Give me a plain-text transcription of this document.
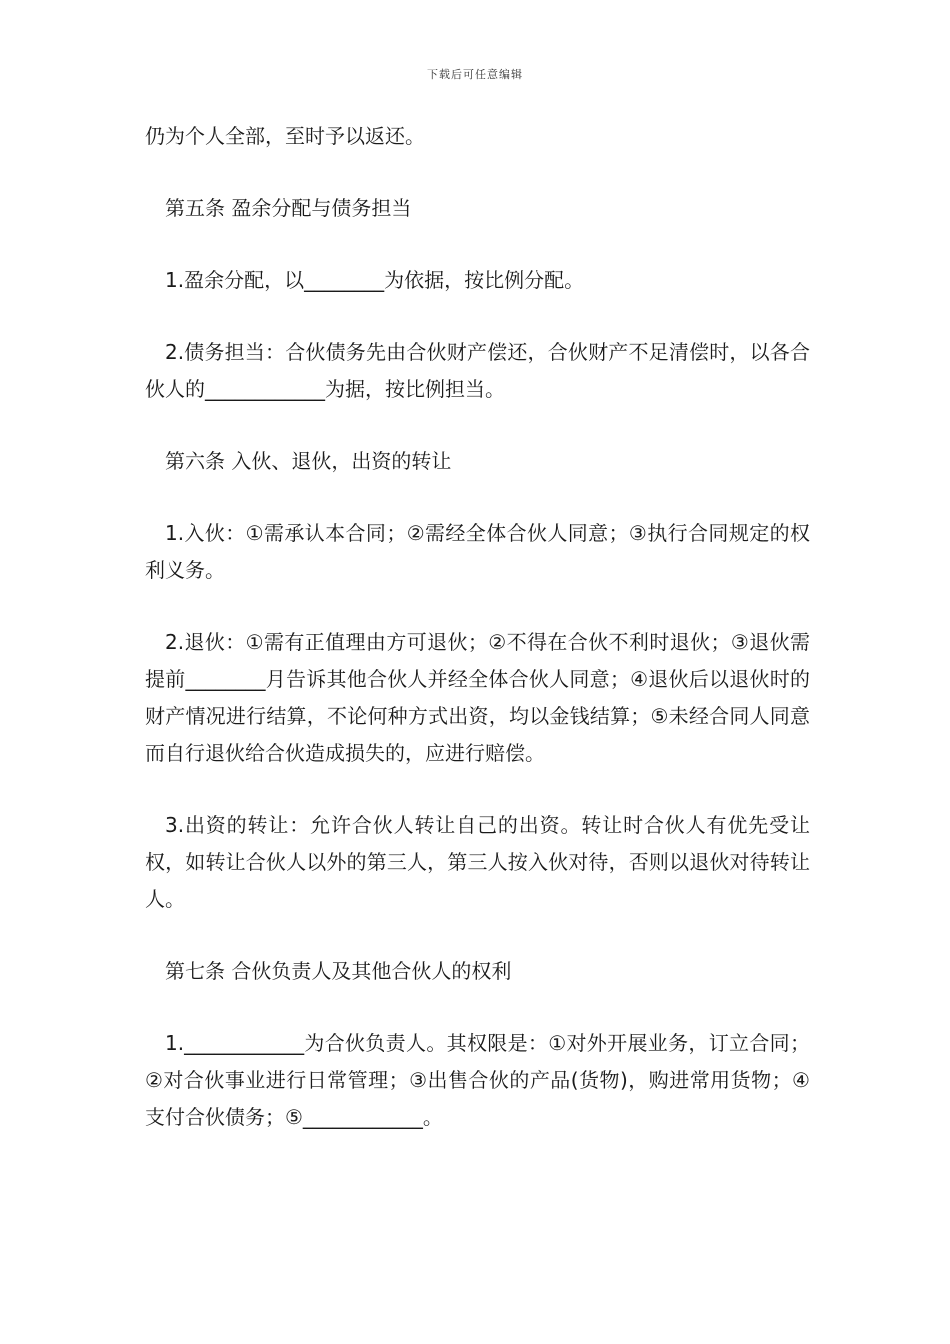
下载后可任意编辑

仍为个人全部，至时予以返还。

第五条 盈余分配与债务担当

1.盈余分配，以________为依据，按比例分配。

2.债务担当：合伙债务先由合伙财产偿还，合伙财产不足清偿时，以各合伙人的____________为据，按比例担当。

第六条 入伙、退伙，出资的转让

1.入伙：①需承认本合同；②需经全体合伙人同意；③执行合同规定的权利义务。

2.退伙：①需有正值理由方可退伙；②不得在合伙不利时退伙；③退伙需提前________月告诉其他合伙人并经全体合伙人同意；④退伙后以退伙时的财产情况进行结算，不论何种方式出资，均以金钱结算；⑤未经合同人同意而自行退伙给合伙造成损失的，应进行赔偿。

3.出资的转让：允许合伙人转让自己的出资。转让时合伙人有优先受让权，如转让合伙人以外的第三人，第三人按入伙对待，否则以退伙对待转让人。

第七条 合伙负责人及其他合伙人的权利

1.____________为合伙负责人。其权限是：①对外开展业务，订立合同；②对合伙事业进行日常管理；③出售合伙的产品(货物)，购进常用货物；④支付合伙债务；⑤____________。
